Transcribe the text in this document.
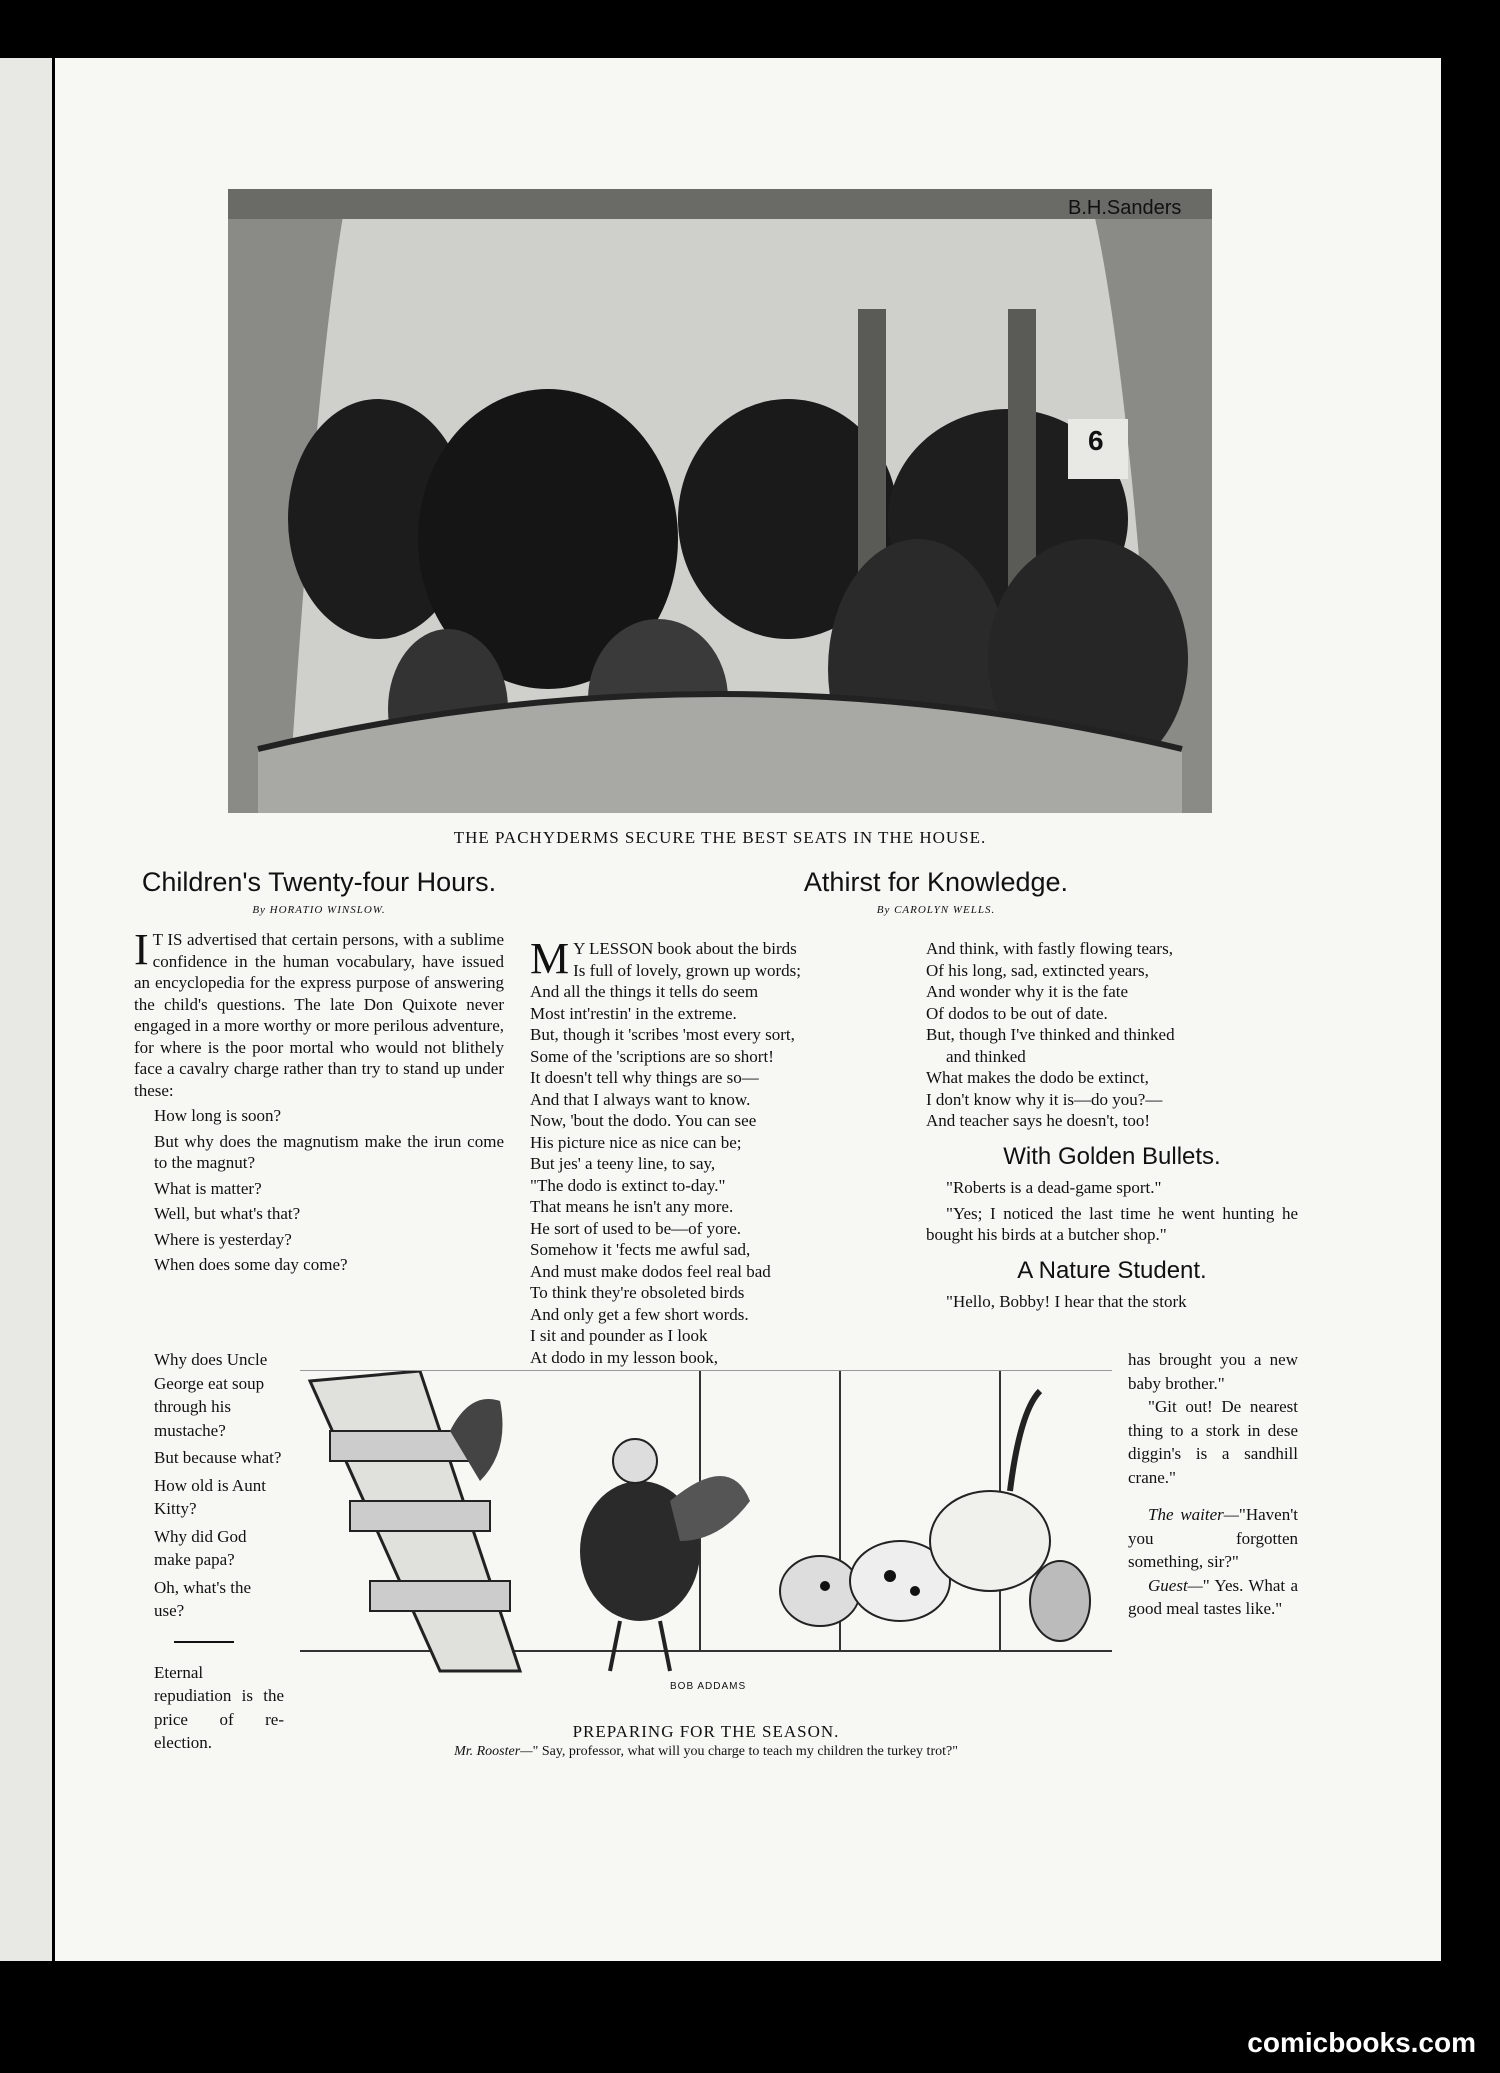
B.H.Sanders
6
THE PACHYDERMS SECURE THE BEST SEATS IN THE HOUSE.
Children's Twenty-four Hours.
By HORATIO WINSLOW.

I T IS advertised that certain persons, with a sublime confidence in the human vocabulary, have issued an encyclopedia for the express purpose of answering the child's questions. The late Don Quixote never engaged in a more worthy or more perilous adventure, for where is the poor mortal who would not blithely face a cavalry charge rather than try to stand up under these:

How long is soon?

But why does the magnutism make the irun come to the magnut?

What is matter?

Well, but what's that?

Where is yesterday?

When does some day come?

Why does Uncle George eat soup through his mustache?

But because what?

How old is Aunt Kitty?

Why did God make papa?

Oh, what's the use?

Eternal repudiation is the price of re-election.

Athirst for Knowledge.
By CAROLYN WELLS.

M Y LESSON book about the birds

Is full of lovely, grown up words;

And all the things it tells do seem

Most int'restin' in the extreme.

But, though it 'scribes 'most every sort,

Some of the 'scriptions are so short!

It doesn't tell why things are so—

And that I always want to know.

Now, 'bout the dodo. You can see

His picture nice as nice can be;

But jes' a teeny line, to say,

"The dodo is extinct to-day."

That means he isn't any more.

He sort of used to be—of yore.

Somehow it 'fects me awful sad,

And must make dodos feel real bad

To think they're obsoleted birds

And only get a few short words.

I sit and pounder as I look

At dodo in my lesson book,

And think, with fastly flowing tears,

Of his long, sad, extincted years,

And wonder why it is the fate

Of dodos to be out of date.

But, though I've thinked and thinked

and thinked

What makes the dodo be extinct,

I don't know why it is—do you?—

And teacher says he doesn't, too!

With Golden Bullets.

"Roberts is a dead-game sport."

"Yes; I noticed the last time he went hunting he bought his birds at a butcher shop."

A Nature Student.

"Hello, Bobby! I hear that the stork

has brought you a new baby brother."

"Git out! De nearest thing to a stork in dese diggin's is a sandhill crane."

The waiter—"Haven't you forgotten something, sir?"

Guest—" Yes. What a good meal tastes like."

BOB ADDAMS
PREPARING FOR THE SEASON.
Mr. Rooster—" Say, professor, what will you charge to teach my children the turkey trot?"
comicbooks.com
